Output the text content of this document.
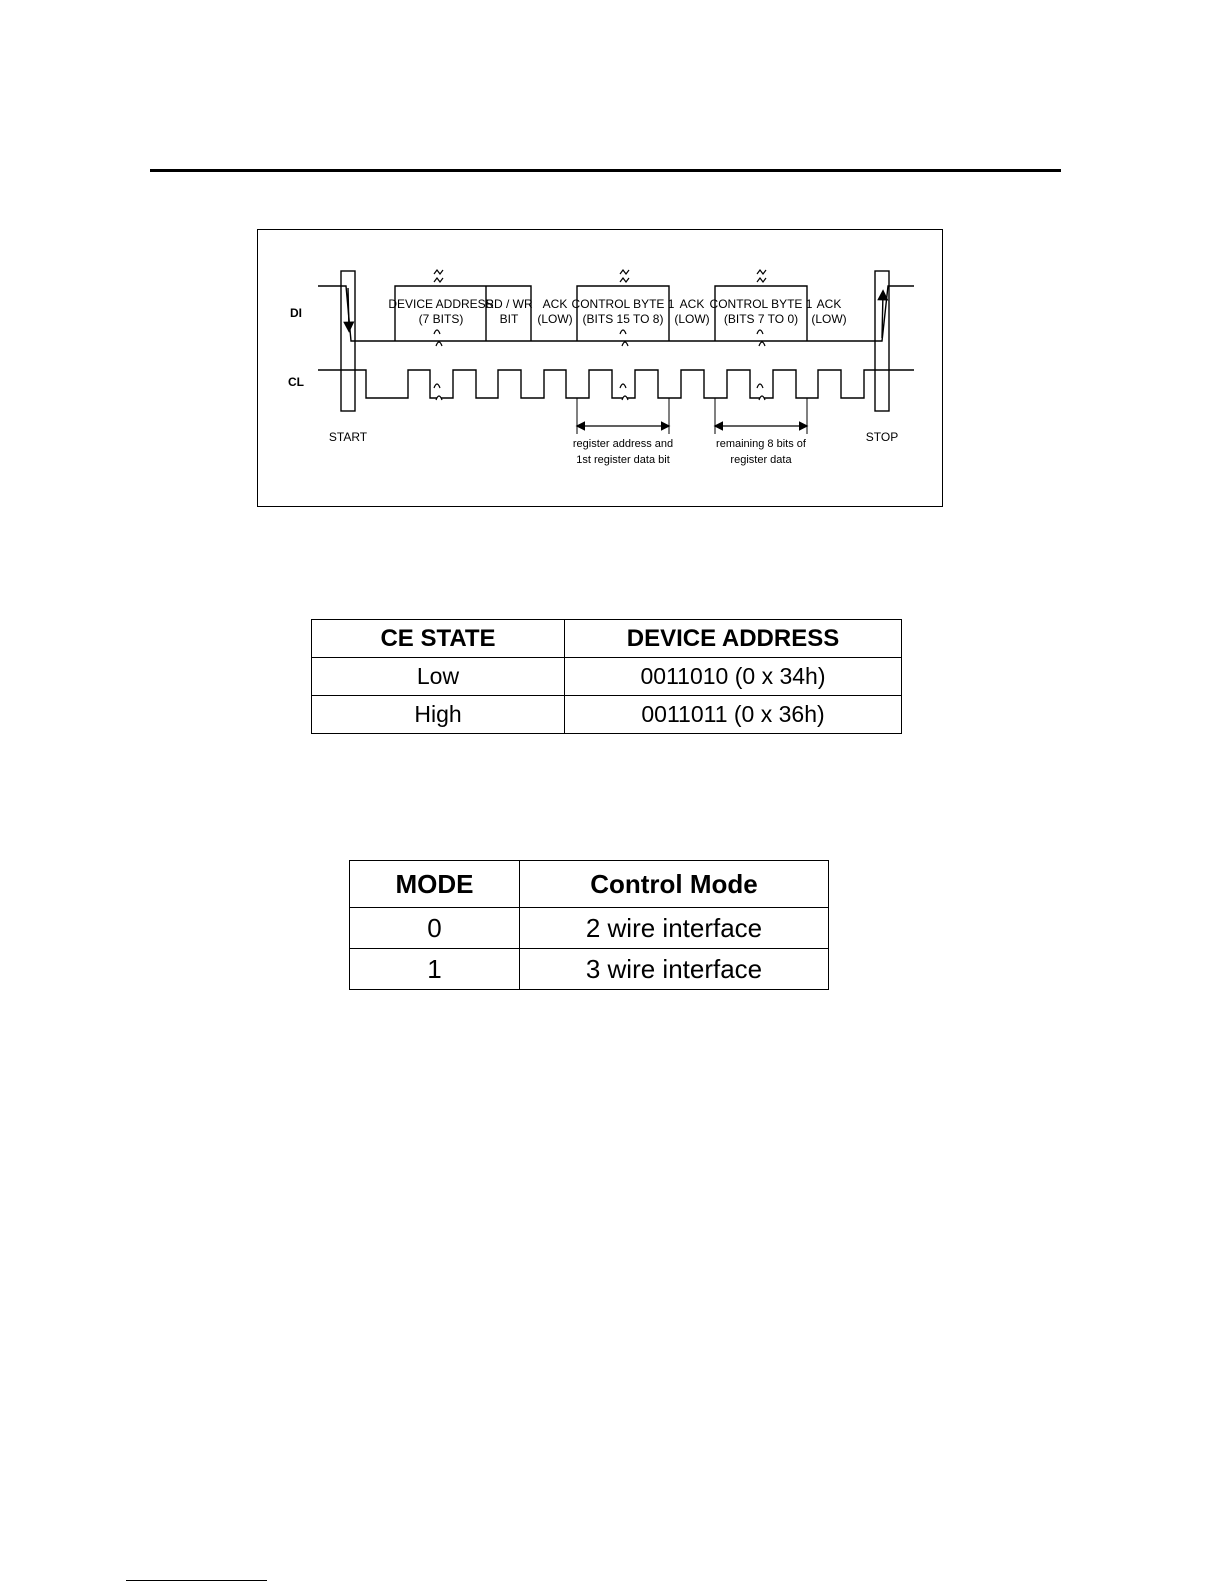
DI
CL
DEVICE ADDRESS
(7 BITS)
RD / WR
BIT
ACK
(LOW)
CONTROL BYTE 1
(BITS 15 TO 8)
ACK
(LOW)
CONTROL BYTE 1
(BITS 7 TO 0)
ACK
(LOW)
START	STOP
register address and
1st register data bit
remaining 8 bits of
register data
CE STATE	DEVICE ADDRESS
Low	0011010 (0 x 34h)
High	0011011 (0 x 36h)
MODE	Control Mode
0	2 wire interface
1	3 wire interface
